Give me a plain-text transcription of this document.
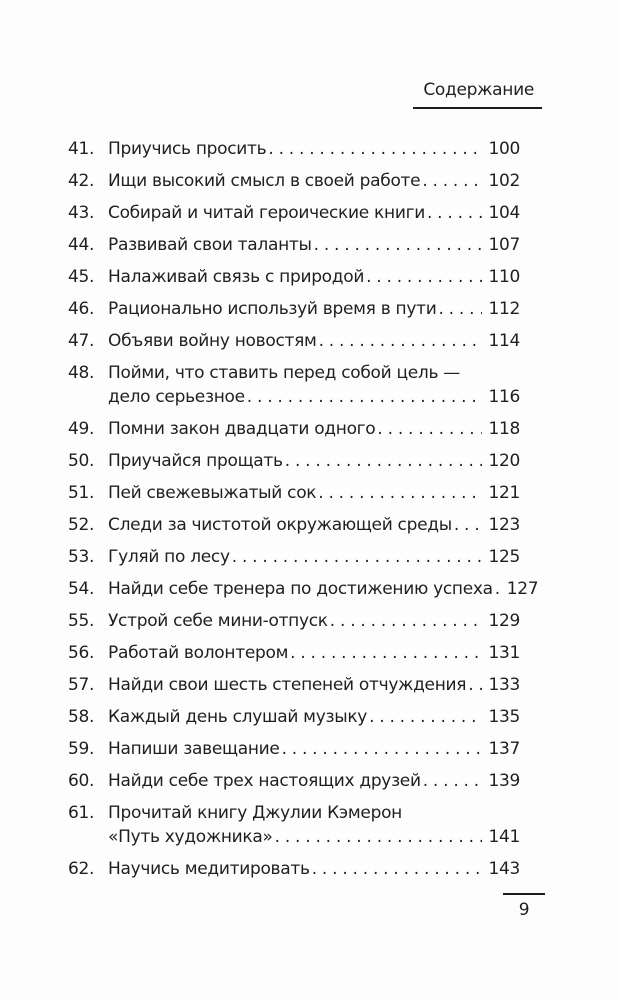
Содержание
41. Приучись просить . . .	100
42. Ищи высокий смысл в своей работе . . .	102
43. Собирай и читай героические книги . . .	104
44. Развивай свои таланты . . .	107
45. Налаживай связь с природой . . .	110
46. Рационально используй время в пути . . .	112
47. Объяви войну новостям . . .	114
48. Пойми, что ставить перед собой цель —
дело серьезное . . .	116
49. Помни закон двадцати одного . . .	118
50. Приучайся прощать . . .	120
51. Пей свежевыжатый сок . . .	121
52. Следи за чистотой окружающей среды . . .	123
53. Гуляй по лесу . . .	125
54. Найди себе тренера по достижению успеха . . . 127
55. Устрой себе мини-отпуск . . .	129
56. Работай волонтером . . .	131
57. Найди свои шесть степеней отчуждения . . .	133
58. Каждый день слушай музыку . . .	135
59. Напиши завещание . . .	137
60. Найди себе трех настоящих друзей . . .	139
61. Прочитай книгу Джулии Кэмерон
«Путь художника» . . .	141
62. Научись медитировать . . .	143
9
